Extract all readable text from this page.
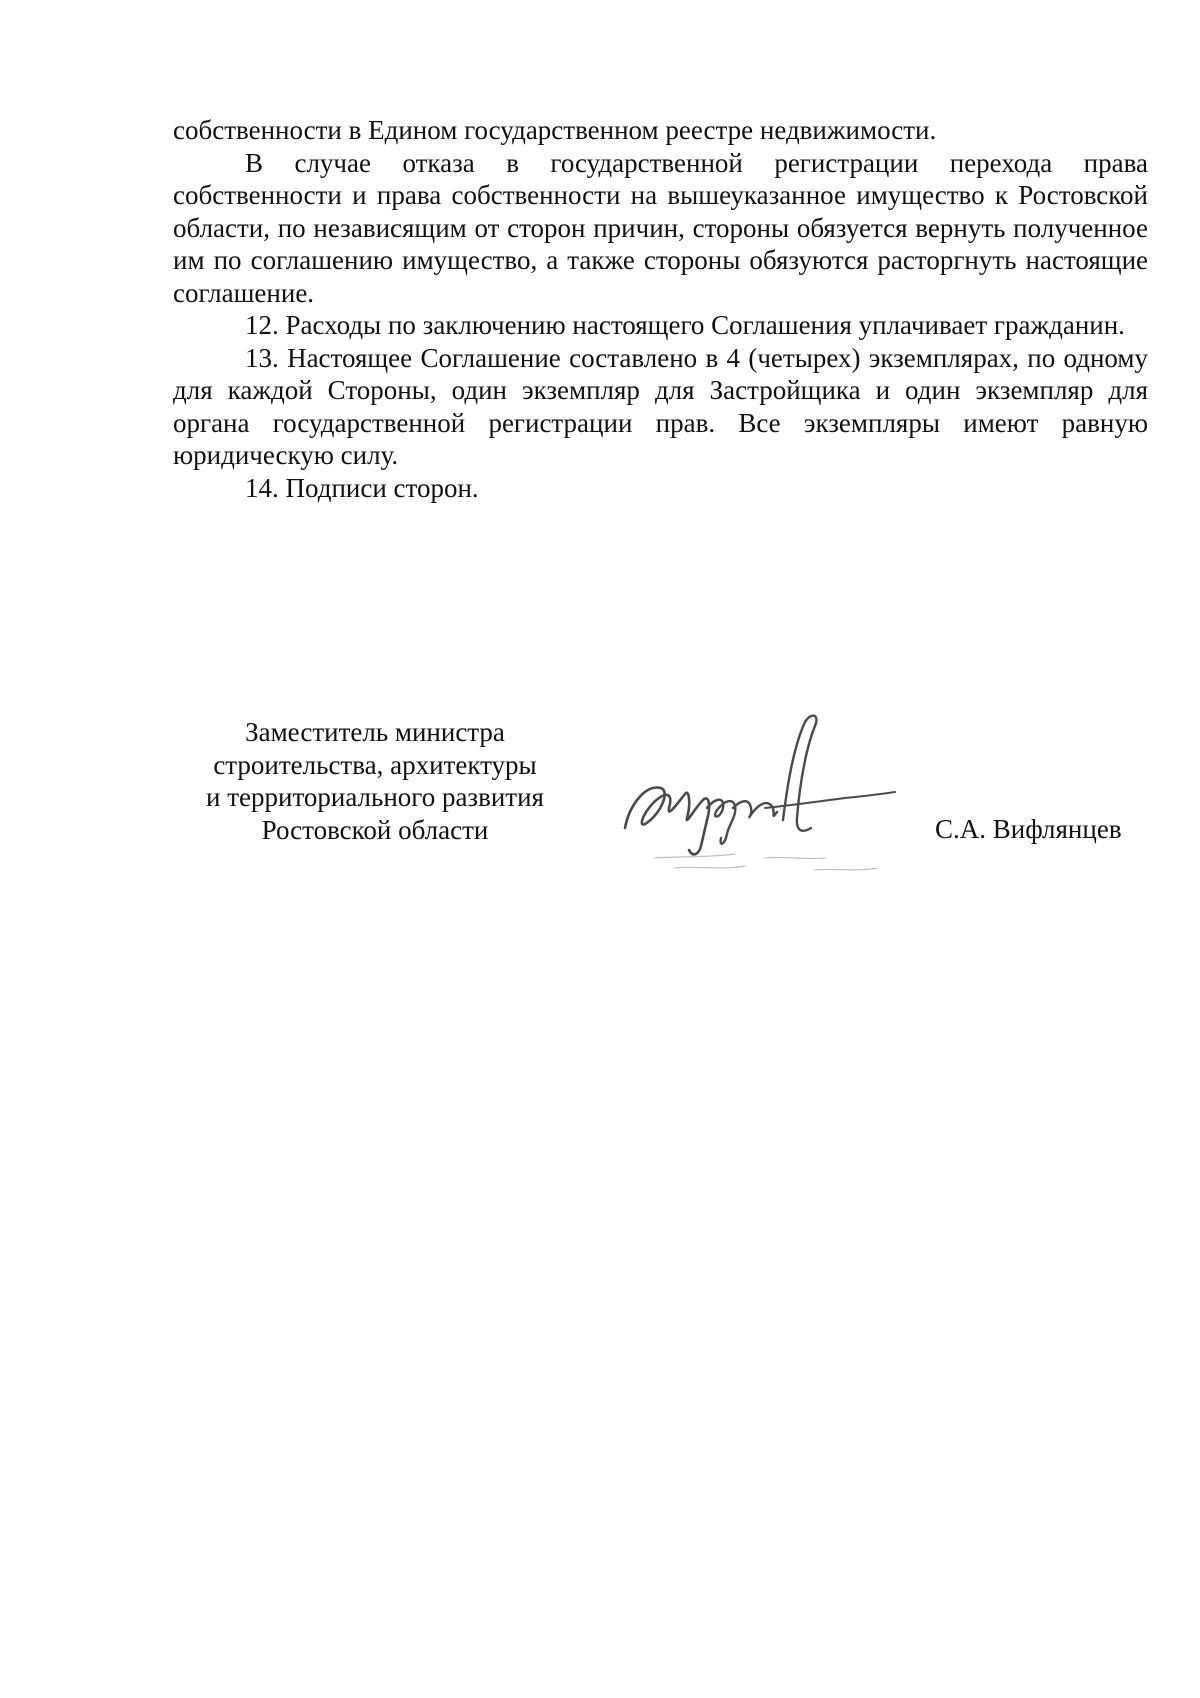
собственности в Едином государственном реестре недвижимости.

В случае отказа в государственной регистрации перехода права собственности и права собственности на вышеуказанное имущество к Ростовской области, по независящим от сторон причин, стороны обязуется вернуть полученное им по соглашению имущество, а также стороны обязуются расторгнуть настоящие соглашение.

12. Расходы по заключению настоящего Соглашения уплачивает гражданин.

13. Настоящее Соглашение составлено в 4 (четырех) экземплярах, по одному для каждой Стороны, один экземпляр для Застройщика и один экземпляр для органа государственной регистрации прав. Все экземпляры имеют равную юридическую силу.

14. Подписи сторон.

Заместитель министра
строительства, архитектуры
и территориального развития
Ростовской области	С.А. Вифлянцев
